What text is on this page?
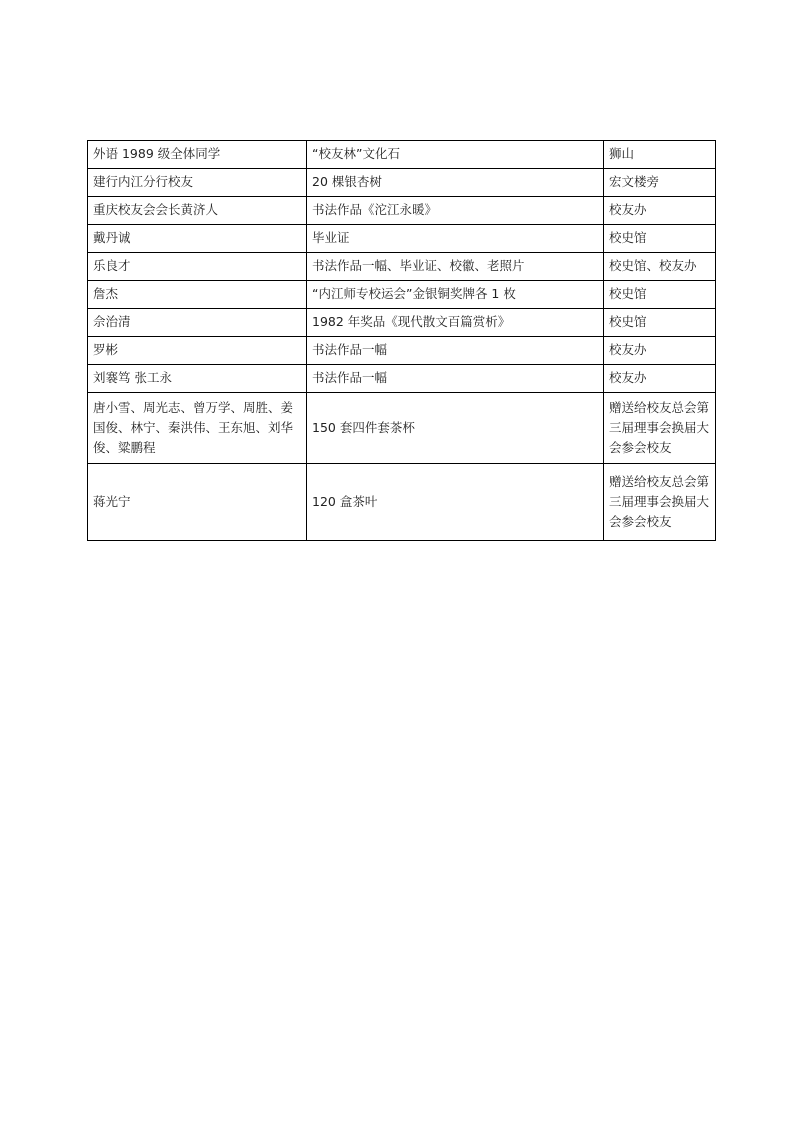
外语 1989 级全体同学	“校友林”文化石	狮山
建行内江分行校友	20 棵银杏树	宏文楼旁
重庆校友会会长黄济人	书法作品《沱江永暖》	校友办
戴丹诚	毕业证	校史馆
乐良才	书法作品一幅、毕业证、校徽、老照片	校史馆、校友办
詹杰	“内江师专校运会”金银铜奖牌各 1 枚	校史馆
佘治清	1982 年奖品《现代散文百篇赏析》	校史馆
罗彬	书法作品一幅	校友办
刘褰笃 张工永	书法作品一幅	校友办
唐小雪、周光志、曾万学、周胜、姜国俊、林宁、秦洪伟、王东旭、刘华俊、粱鹏程	150 套四件套茶杯	赠送给校友总会第三届理事会换届大会参会校友
蒋光宁	120 盒茶叶	赠送给校友总会第三届理事会换届大会参会校友
